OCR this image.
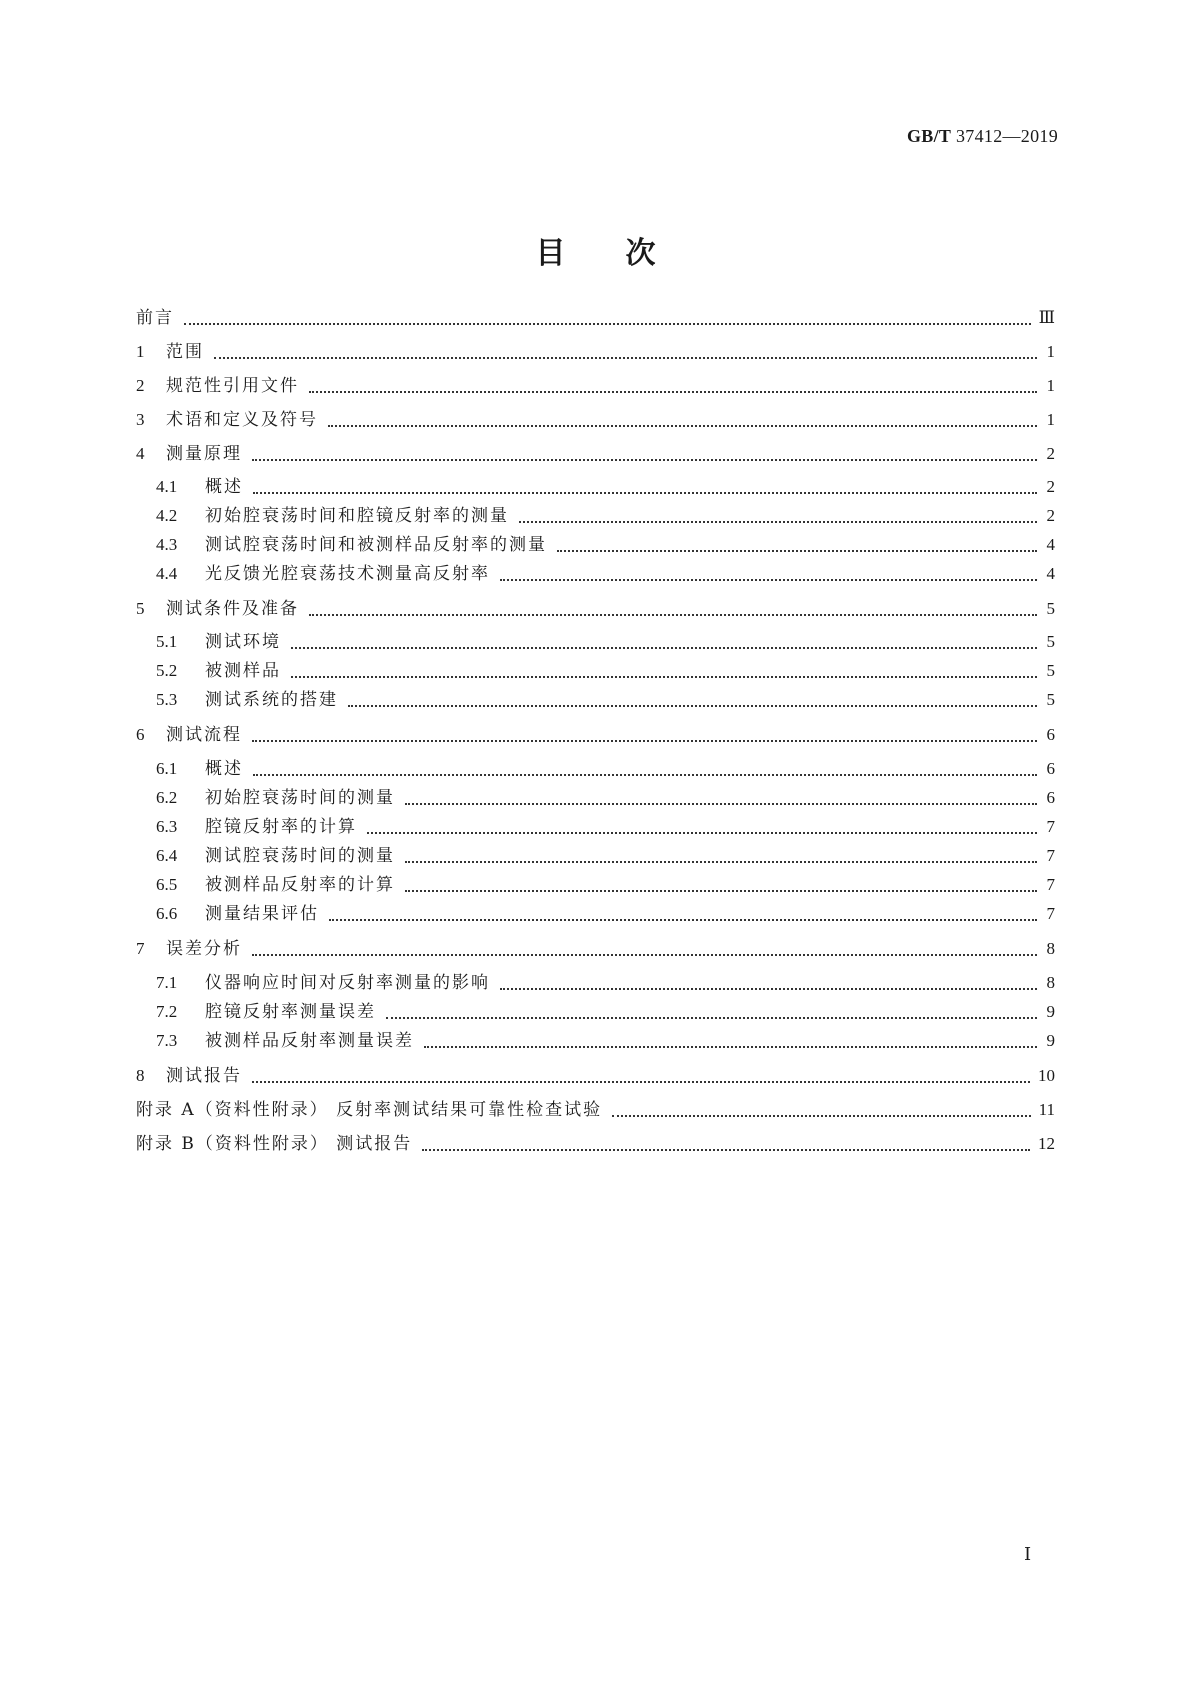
GB/T 37412—2019
目次
前言	Ⅲ
1	范围	1
2	规范性引用文件	1
3	术语和定义及符号	1
4	测量原理	2
4.1	概述	2
4.2	初始腔衰荡时间和腔镜反射率的测量	2
4.3	测试腔衰荡时间和被测样品反射率的测量	4
4.4	光反馈光腔衰荡技术测量高反射率	4
5	测试条件及准备	5
5.1	测试环境	5
5.2	被测样品	5
5.3	测试系统的搭建	5
6	测试流程	6
6.1	概述	6
6.2	初始腔衰荡时间的测量	6
6.3	腔镜反射率的计算	7
6.4	测试腔衰荡时间的测量	7
6.5	被测样品反射率的计算	7
6.6	测量结果评估	7
7	误差分析	8
7.1	仪器响应时间对反射率测量的影响	8
7.2	腔镜反射率测量误差	9
7.3	被测样品反射率测量误差	9
8	测试报告	10
附录 A（资料性附录） 反射率测试结果可靠性检查试验	11
附录 B（资料性附录） 测试报告	12
Ⅰ
